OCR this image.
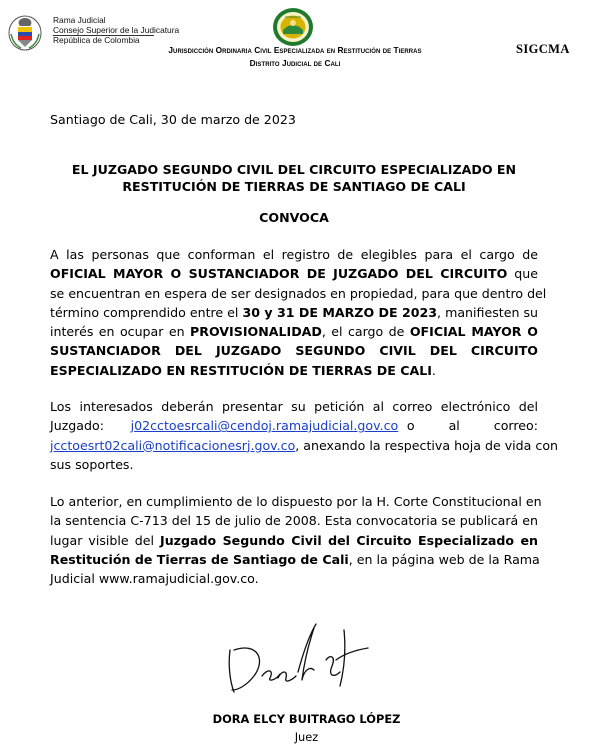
Rama Judicial
Consejo Superior de la Judicatura
República de Colombia
Jurisdicción Ordinaria Civil Especializada en Restitución de Tierras
Distrito Judicial de Cali
SIGCMA
Santiago de Cali, 30 de marzo de 2023
EL JUZGADO SEGUNDO CIVIL DEL CIRCUITO ESPECIALIZADO EN
RESTITUCIÓN DE TIERRAS DE SANTIAGO DE CALI
CONVOCA
A las personas que conforman el registro de elegibles para el cargo de
OFICIAL MAYOR O SUSTANCIADOR DE JUZGADO DEL CIRCUITO que
se encuentran en espera de ser designados en propiedad, para que dentro del
término comprendido entre el 30 y 31 DE MARZO DE 2023, manifiesten su
interés en ocupar en PROVISIONALIDAD, el cargo de OFICIAL MAYOR O
SUSTANCIADOR DEL JUZGADO SEGUNDO CIVIL DEL CIRCUITO
ESPECIALIZADO EN RESTITUCIÓN DE TIERRAS DE CALI.
Los interesados deberán presentar su petición al correo electrónico del
Juzgado: j02cctoesrcali@cendoj.ramajudicial.gov.co o al correo:
jcctoesrt02cali@notificacionesrj.gov.co, anexando la respectiva hoja de vida con
sus soportes.
Lo anterior, en cumplimiento de lo dispuesto por la H. Corte Constitucional en
la sentencia C-713 del 15 de julio de 2008. Esta convocatoria se publicará en
lugar visible del Juzgado Segundo Civil del Circuito Especializado en
Restitución de Tierras de Santiago de Cali, en la página web de la Rama
Judicial www.ramajudicial.gov.co.
DORA ELCY BUITRAGO LÓPEZ
Juez
